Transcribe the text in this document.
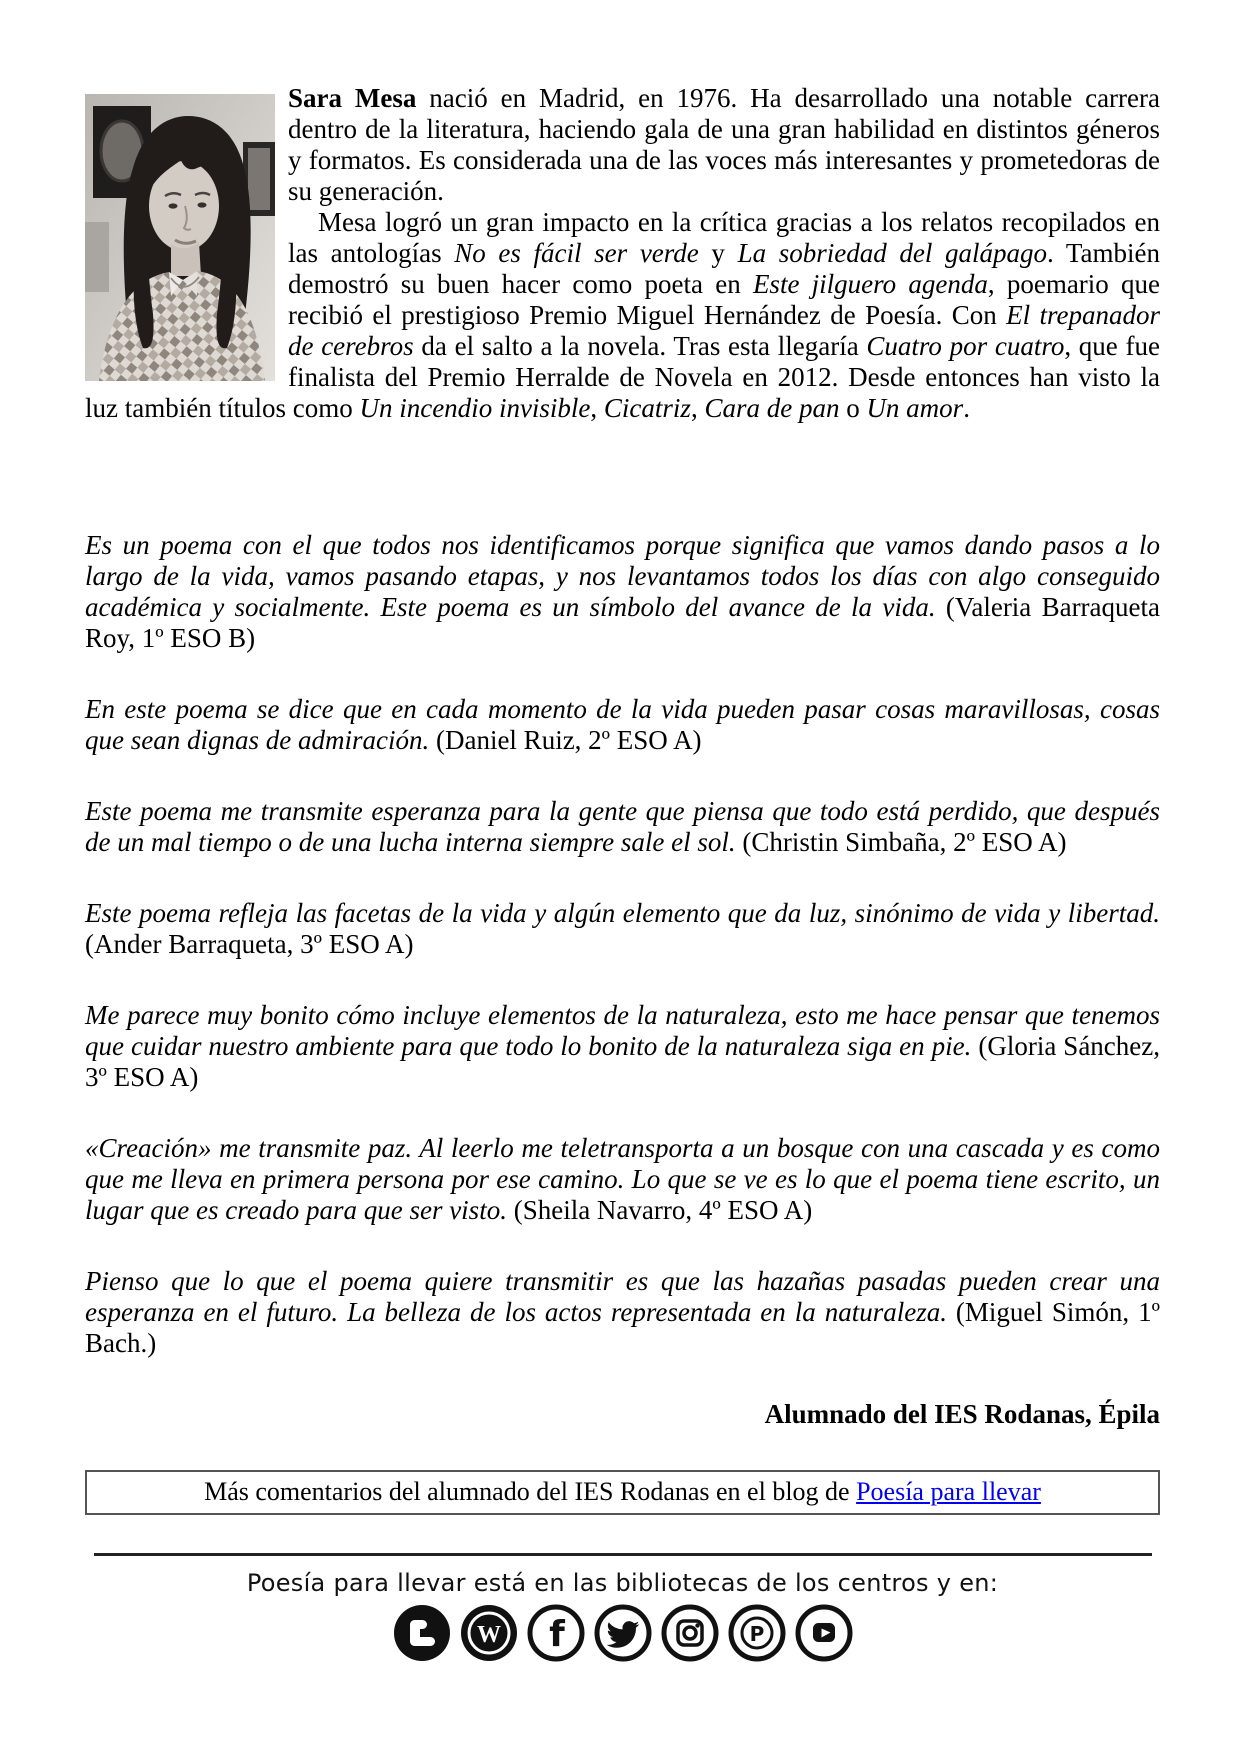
Sara Mesa nació en Madrid, en 1976. Ha desarrollado una notable carrera dentro de la literatura, haciendo gala de una gran habilidad en distintos géneros y formatos. Es considerada una de las voces más interesantes y prometedoras de su generación.

Mesa logró un gran impacto en la crítica gracias a los relatos recopilados en las antologías No es fácil ser verde y La sobriedad del galápago. También demostró su buen hacer como poeta en Este jilguero agenda, poemario que recibió el prestigioso Premio Miguel Hernández de Poesía. Con El trepanador de cerebros da el salto a la novela. Tras esta llegaría Cuatro por cuatro, que fue finalista del Premio Herralde de Novela en 2012. Desde entonces han visto la luz también títulos como Un incendio invisible, Cicatriz, Cara de pan o Un amor.

Es un poema con el que todos nos identificamos porque significa que vamos dando pasos a lo largo de la vida, vamos pasando etapas, y nos levantamos todos los días con algo conseguido académica y socialmente. Este poema es un símbolo del avance de la vida. (Valeria Barraqueta Roy, 1º ESO B)

En este poema se dice que en cada momento de la vida pueden pasar cosas maravillosas, cosas que sean dignas de admiración. (Daniel Ruiz, 2º ESO A)

Este poema me transmite esperanza para la gente que piensa que todo está perdido, que después de un mal tiempo o de una lucha interna siempre sale el sol. (Christin Simbaña, 2º ESO A)

Este poema refleja las facetas de la vida y algún elemento que da luz, sinónimo de vida y libertad. (Ander Barraqueta, 3º ESO A)

Me parece muy bonito cómo incluye elementos de la naturaleza, esto me hace pensar que tenemos que cuidar nuestro ambiente para que todo lo bonito de la naturaleza siga en pie. (Gloria Sánchez, 3º ESO A)

«Creación» me transmite paz. Al leerlo me teletransporta a un bosque con una cascada y es como que me lleva en primera persona por ese camino. Lo que se ve es lo que el poema tiene escrito, un lugar que es creado para que ser visto. (Sheila Navarro, 4º ESO A)

Pienso que lo que el poema quiere transmitir es que las hazañas pasadas pueden crear una esperanza en el futuro. La belleza de los actos representada en la naturaleza. (Miguel Simón, 1º Bach.)

Alumnado del IES Rodanas, Épila

Más comentarios del alumnado del IES Rodanas en el blog de Poesía para llevar

Poesía para llevar está en las bibliotecas de los centros y en:

W f	P
